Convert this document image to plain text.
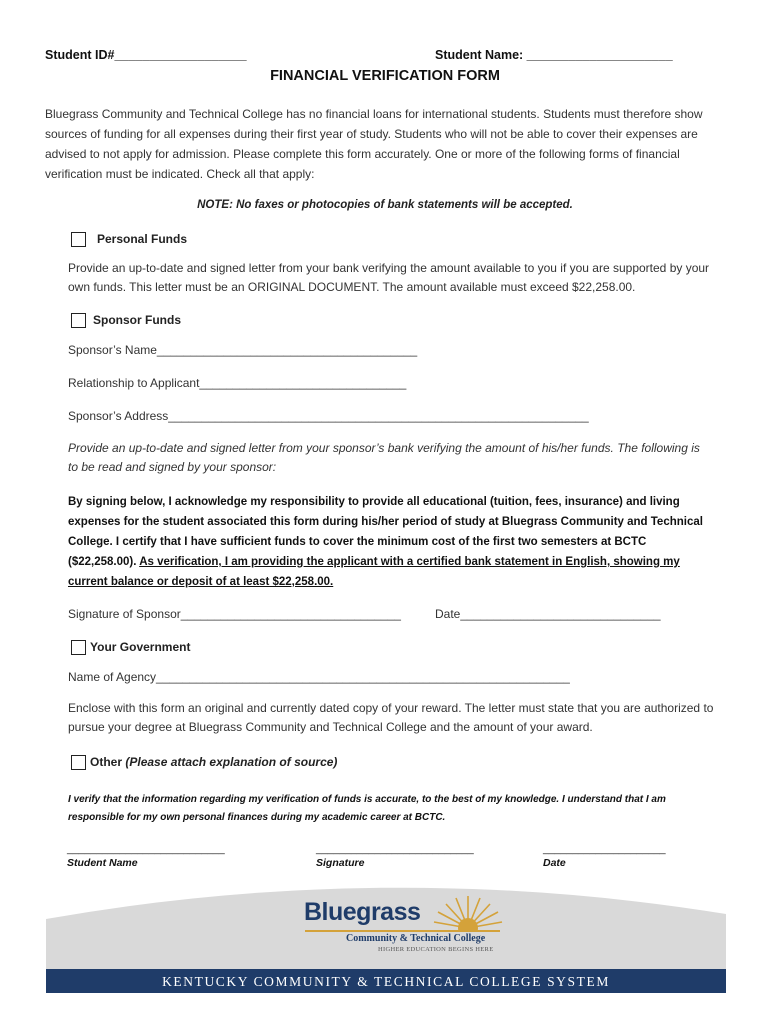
Student ID#___________________	Student Name: _____________________
FINANCIAL VERIFICATION FORM
Bluegrass Community and Technical College has no financial loans for international students. Students must therefore show sources of funding for all expenses during their first year of study. Students who will not be able to cover their expenses are advised to not apply for admission. Please complete this form accurately. One or more of the following forms of financial verification must be indicated. Check all that apply:
NOTE: No faxes or photocopies of bank statements will be accepted.
Personal Funds
Provide an up-to-date and signed letter from your bank verifying the amount available to you if you are supported by your own funds. This letter must be an ORIGINAL DOCUMENT. The amount available must exceed $22,258.00.
Sponsor Funds
Sponsor’s Name_______________________________________
Relationship to Applicant_______________________________
Sponsor’s Address_______________________________________________________________
Provide an up-to-date and signed letter from your sponsor’s bank verifying the amount of his/her funds. The following is to be read and signed by your sponsor:
By signing below, I acknowledge my responsibility to provide all educational (tuition, fees, insurance) and living expenses for the student associated this form during his/her period of study at Bluegrass Community and Technical College. I certify that I have sufficient funds to cover the minimum cost of the first two semesters at BCTC ($22,258.00). As verification, I am providing the applicant with a certified bank statement in English, showing my current balance or deposit of at least $22,258.00.
Signature of Sponsor_________________________________	Date______________________________
Your Government
Name of Agency______________________________________________________________
Enclose with this form an original and currently dated copy of your reward. The letter must state that you are authorized to pursue your degree at Bluegrass Community and Technical College and the amount of your award.
Other (Please attach explanation of source)
I verify that the information regarding my verification of funds is accurate, to the best of my knowledge. I understand that I am responsible for my own personal finances during my academic career at BCTC.
___________________________	___________________________	_____________________
Student Name	Signature	Date
Bluegrass
Community & Technical College
HIGHER EDUCATION BEGINS HERE
KENTUCKY COMMUNITY & TECHNICAL COLLEGE SYSTEM
